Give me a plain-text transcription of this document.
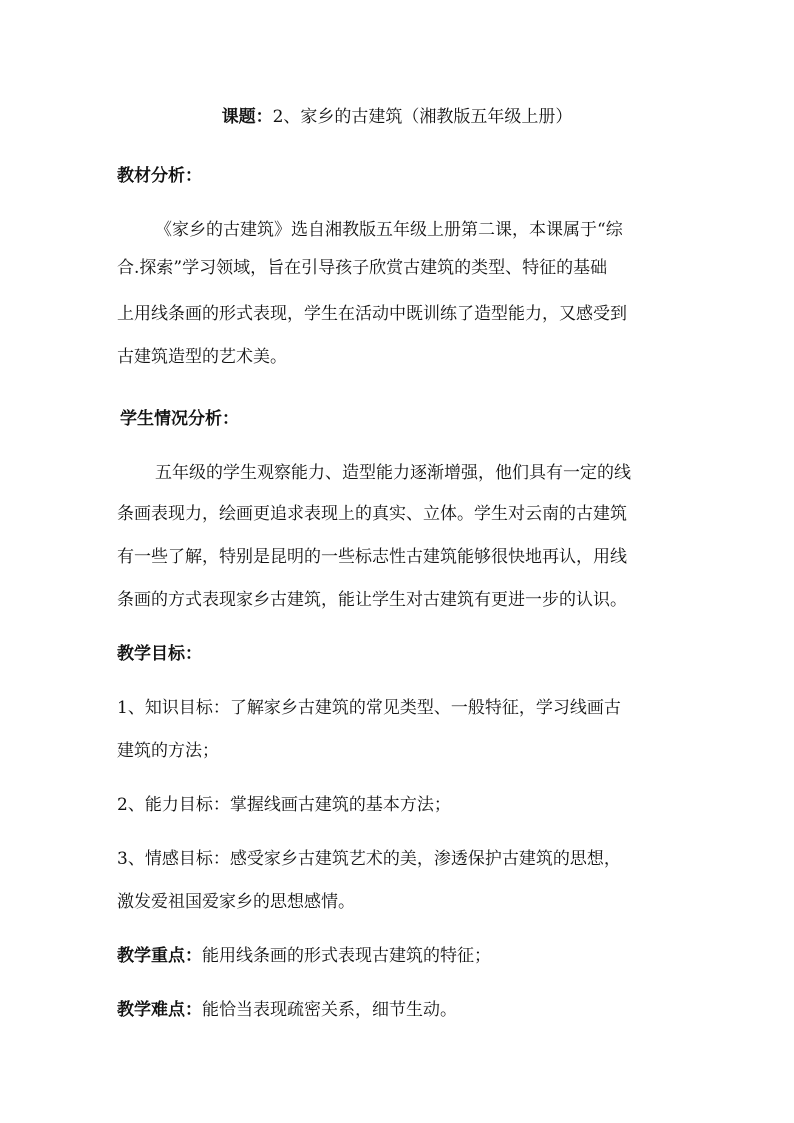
课题：2、家乡的古建筑（湘教版五年级上册）
教材分析：
《家乡的古建筑》选自湘教版五年级上册第二课，本课属于“综
合.探索”学习领域，旨在引导孩子欣赏古建筑的类型、特征的基础
上用线条画的形式表现，学生在活动中既训练了造型能力，又感受到
古建筑造型的艺术美。
学生情况分析：
五年级的学生观察能力、造型能力逐渐增强，他们具有一定的线
条画表现力，绘画更追求表现上的真实、立体。学生对云南的古建筑
有一些了解，特别是昆明的一些标志性古建筑能够很快地再认，用线
条画的方式表现家乡古建筑，能让学生对古建筑有更进一步的认识。
教学目标：
1、知识目标：了解家乡古建筑的常见类型、一般特征，学习线画古
建筑的方法；
2、能力目标：掌握线画古建筑的基本方法；
3、情感目标：感受家乡古建筑艺术的美，渗透保护古建筑的思想，
激发爱祖国爱家乡的思想感情。
教学重点：能用线条画的形式表现古建筑的特征；
教学难点：能恰当表现疏密关系，细节生动。
